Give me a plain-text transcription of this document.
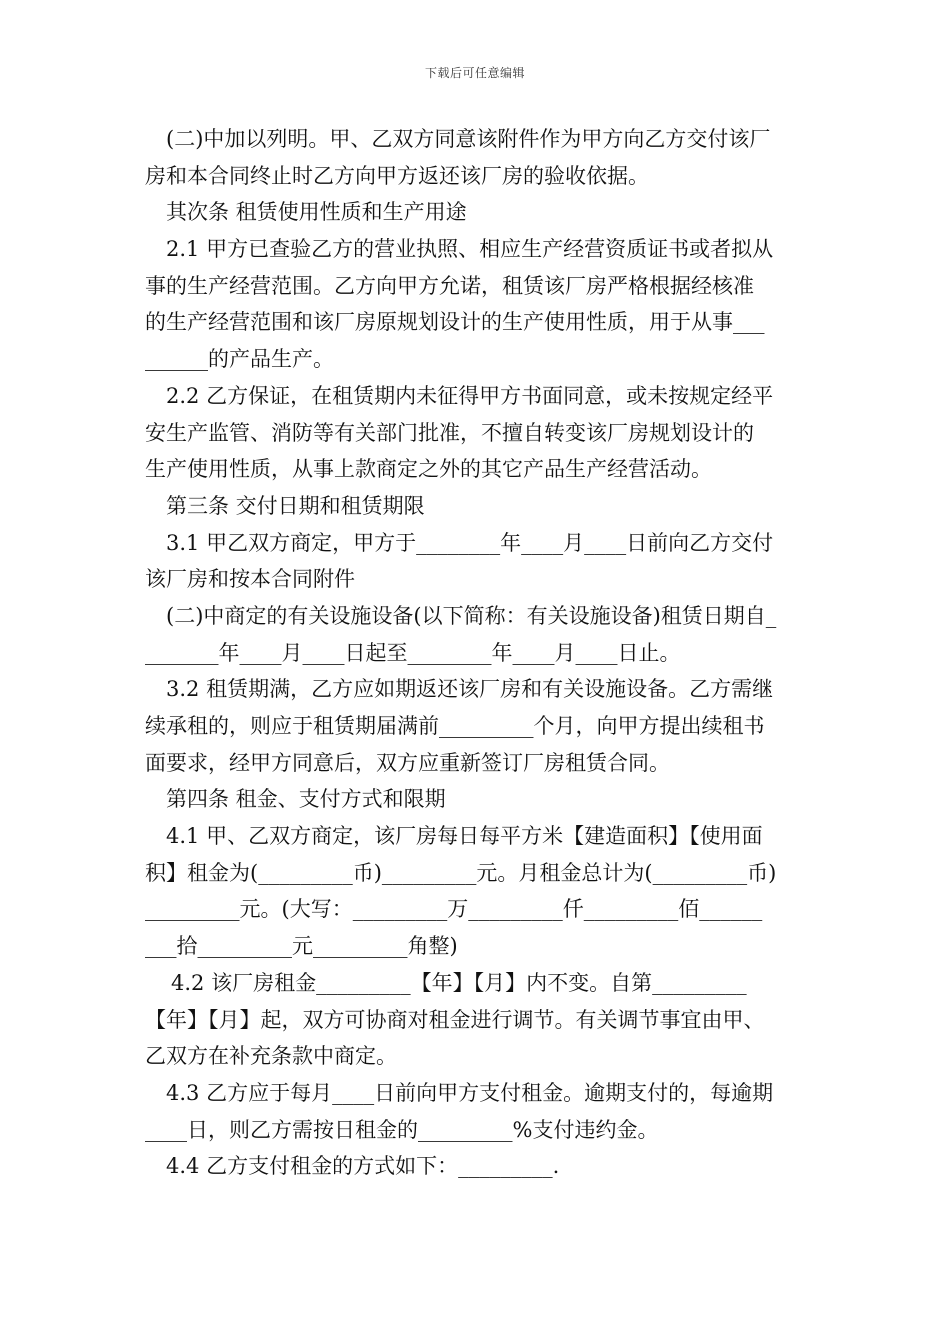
下载后可任意编辑
(二)中加以列明。甲、乙双方同意该附件作为甲方向乙方交付该厂
房和本合同终止时乙方向甲方返还该厂房的验收依据。
其次条 租赁使用性质和生产用途
2.1 甲方已查验乙方的营业执照、相应生产经营资质证书或者拟从
事的生产经营范围。乙方向甲方允诺，租赁该厂房严格根据经核准
的生产经营范围和该厂房原规划设计的生产使用性质，用于从事___
______的产品生产。
2.2 乙方保证，在租赁期内未征得甲方书面同意，或未按规定经平
安生产监管、消防等有关部门批准，不擅自转变该厂房规划设计的
生产使用性质，从事上款商定之外的其它产品生产经营活动。
第三条 交付日期和租赁期限
3.1 甲乙双方商定，甲方于________年____月____日前向乙方交付
该厂房和按本合同附件
(二)中商定的有关设施设备(以下简称：有关设施设备)租赁日期自_
_______年____月____日起至________年____月____日止。
3.2 租赁期满，乙方应如期返还该厂房和有关设施设备。乙方需继
续承租的，则应于租赁期届满前_________个月，向甲方提出续租书
面要求，经甲方同意后，双方应重新签订厂房租赁合同。
第四条 租金、支付方式和限期
4.1 甲、乙双方商定，该厂房每日每平方米【建造面积】【使用面
积】租金为(_________币)_________元。月租金总计为(_________币)
_________元。(大写：_________万_________仟_________佰______
___拾_________元_________角整)
4.2 该厂房租金_________【年】【月】内不变。自第_________
【年】【月】起，双方可协商对租金进行调节。有关调节事宜由甲、
乙双方在补充条款中商定。
4.3 乙方应于每月____日前向甲方支付租金。逾期支付的，每逾期
____日，则乙方需按日租金的_________%支付违约金。
4.4 乙方支付租金的方式如下：_________.
